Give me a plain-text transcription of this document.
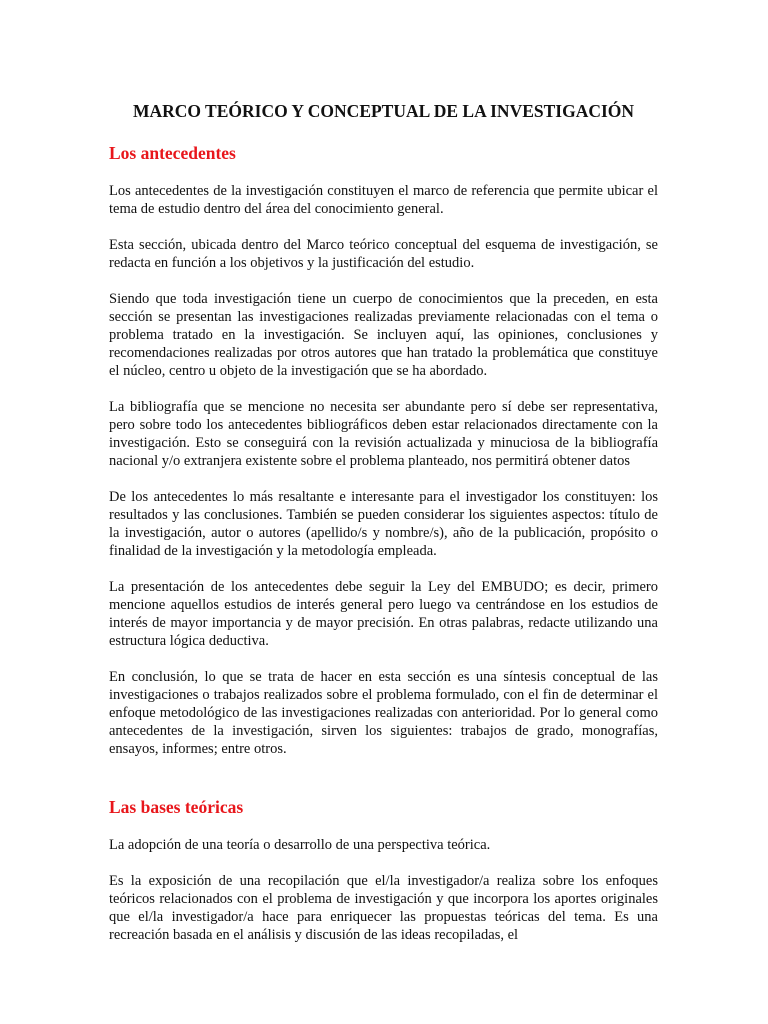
MARCO TEÓRICO Y CONCEPTUAL DE LA INVESTIGACIÓN
Los antecedentes

Los antecedentes de la investigación constituyen el marco de referencia que permite ubicar el tema de estudio dentro del área del conocimiento general.

Esta sección, ubicada dentro del Marco teórico conceptual del esquema de investigación, se redacta en función a los objetivos y la justificación del estudio.

Siendo que toda investigación tiene un cuerpo de conocimientos que la preceden, en esta sección se presentan las investigaciones realizadas previamente relacionadas con el tema o problema tratado en la investigación. Se incluyen aquí, las opiniones, conclusiones y recomendaciones realizadas por otros autores que han tratado la problemática que constituye el núcleo, centro u objeto de la investigación que se ha abordado.

La bibliografía que se mencione no necesita ser abundante pero sí debe ser representativa, pero sobre todo los antecedentes bibliográficos deben estar relacionados directamente con la investigación. Esto se conseguirá con la revisión actualizada y minuciosa de la bibliografía nacional y/o extranjera existente sobre el problema planteado, nos permitirá obtener datos

De los antecedentes lo más resaltante e interesante para el investigador los constituyen: los resultados y las conclusiones. También se pueden considerar los siguientes aspectos: título de la investigación, autor o autores (apellido/s y nombre/s), año de la publicación, propósito o finalidad de la investigación y la metodología empleada.

La presentación de los antecedentes debe seguir la Ley del EMBUDO; es decir, primero mencione aquellos estudios de interés general pero luego va centrándose en los estudios de interés de mayor importancia y de mayor precisión. En otras palabras, redacte utilizando una estructura lógica deductiva.

En conclusión, lo que se trata de hacer en esta sección es una síntesis conceptual de las investigaciones o trabajos realizados sobre el problema formulado, con el fin de determinar el enfoque metodológico de las investigaciones realizadas con anterioridad. Por lo general como antecedentes de la investigación, sirven los siguientes: trabajos de grado, monografías, ensayos, informes; entre otros.

Las bases teóricas

La adopción de una teoría o desarrollo de una perspectiva teórica.

Es la exposición de una recopilación que el/la investigador/a realiza sobre los enfoques teóricos relacionados con el problema de investigación y que incorpora los aportes originales que el/la investigador/a hace para enriquecer las propuestas teóricas del tema. Es una recreación basada en el análisis y discusión de las ideas recopiladas, el
